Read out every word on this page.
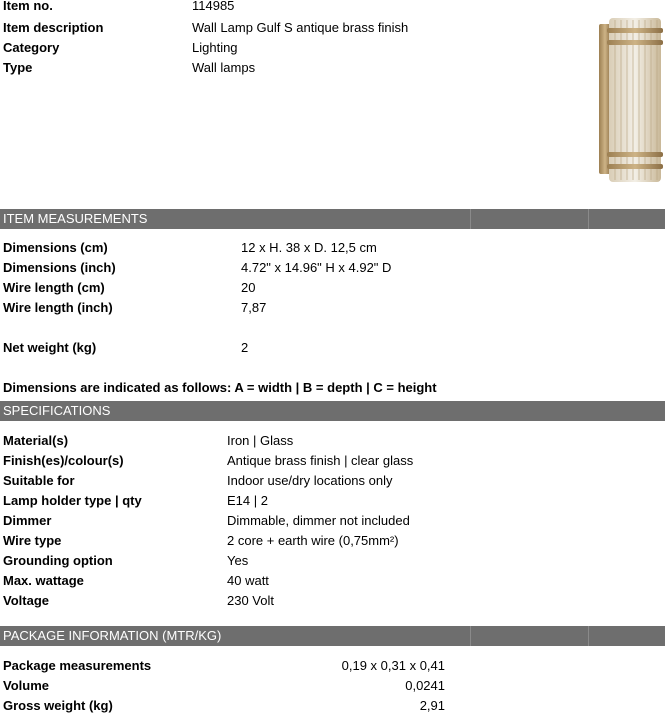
Item no.	114985
Item description	Wall Lamp Gulf S antique brass finish
Category	Lighting
Type	Wall lamps
ITEM MEASUREMENTS
Dimensions (cm)	12 x H. 38 x D. 12,5 cm
Dimensions (inch)	4.72" x 14.96" H x 4.92" D
Wire length (cm)	20
Wire length (inch)	7,87
Net weight (kg)	2
Dimensions are indicated as follows: A = width | B = depth | C = height
SPECIFICATIONS
Material(s)	Iron | Glass
Finish(es)/colour(s)	Antique brass finish | clear glass
Suitable for	Indoor use/dry locations only
Lamp holder type | qty	E14 | 2
Dimmer	Dimmable, dimmer not included
Wire type	2 core + earth wire (0,75mm²)
Grounding option	Yes
Max. wattage	40 watt
Voltage	230 Volt
PACKAGE INFORMATION (MTR/KG)
Package measurements	0,19 x 0,31 x 0,41
Volume	0,0241
Gross weight (kg)	2,91
